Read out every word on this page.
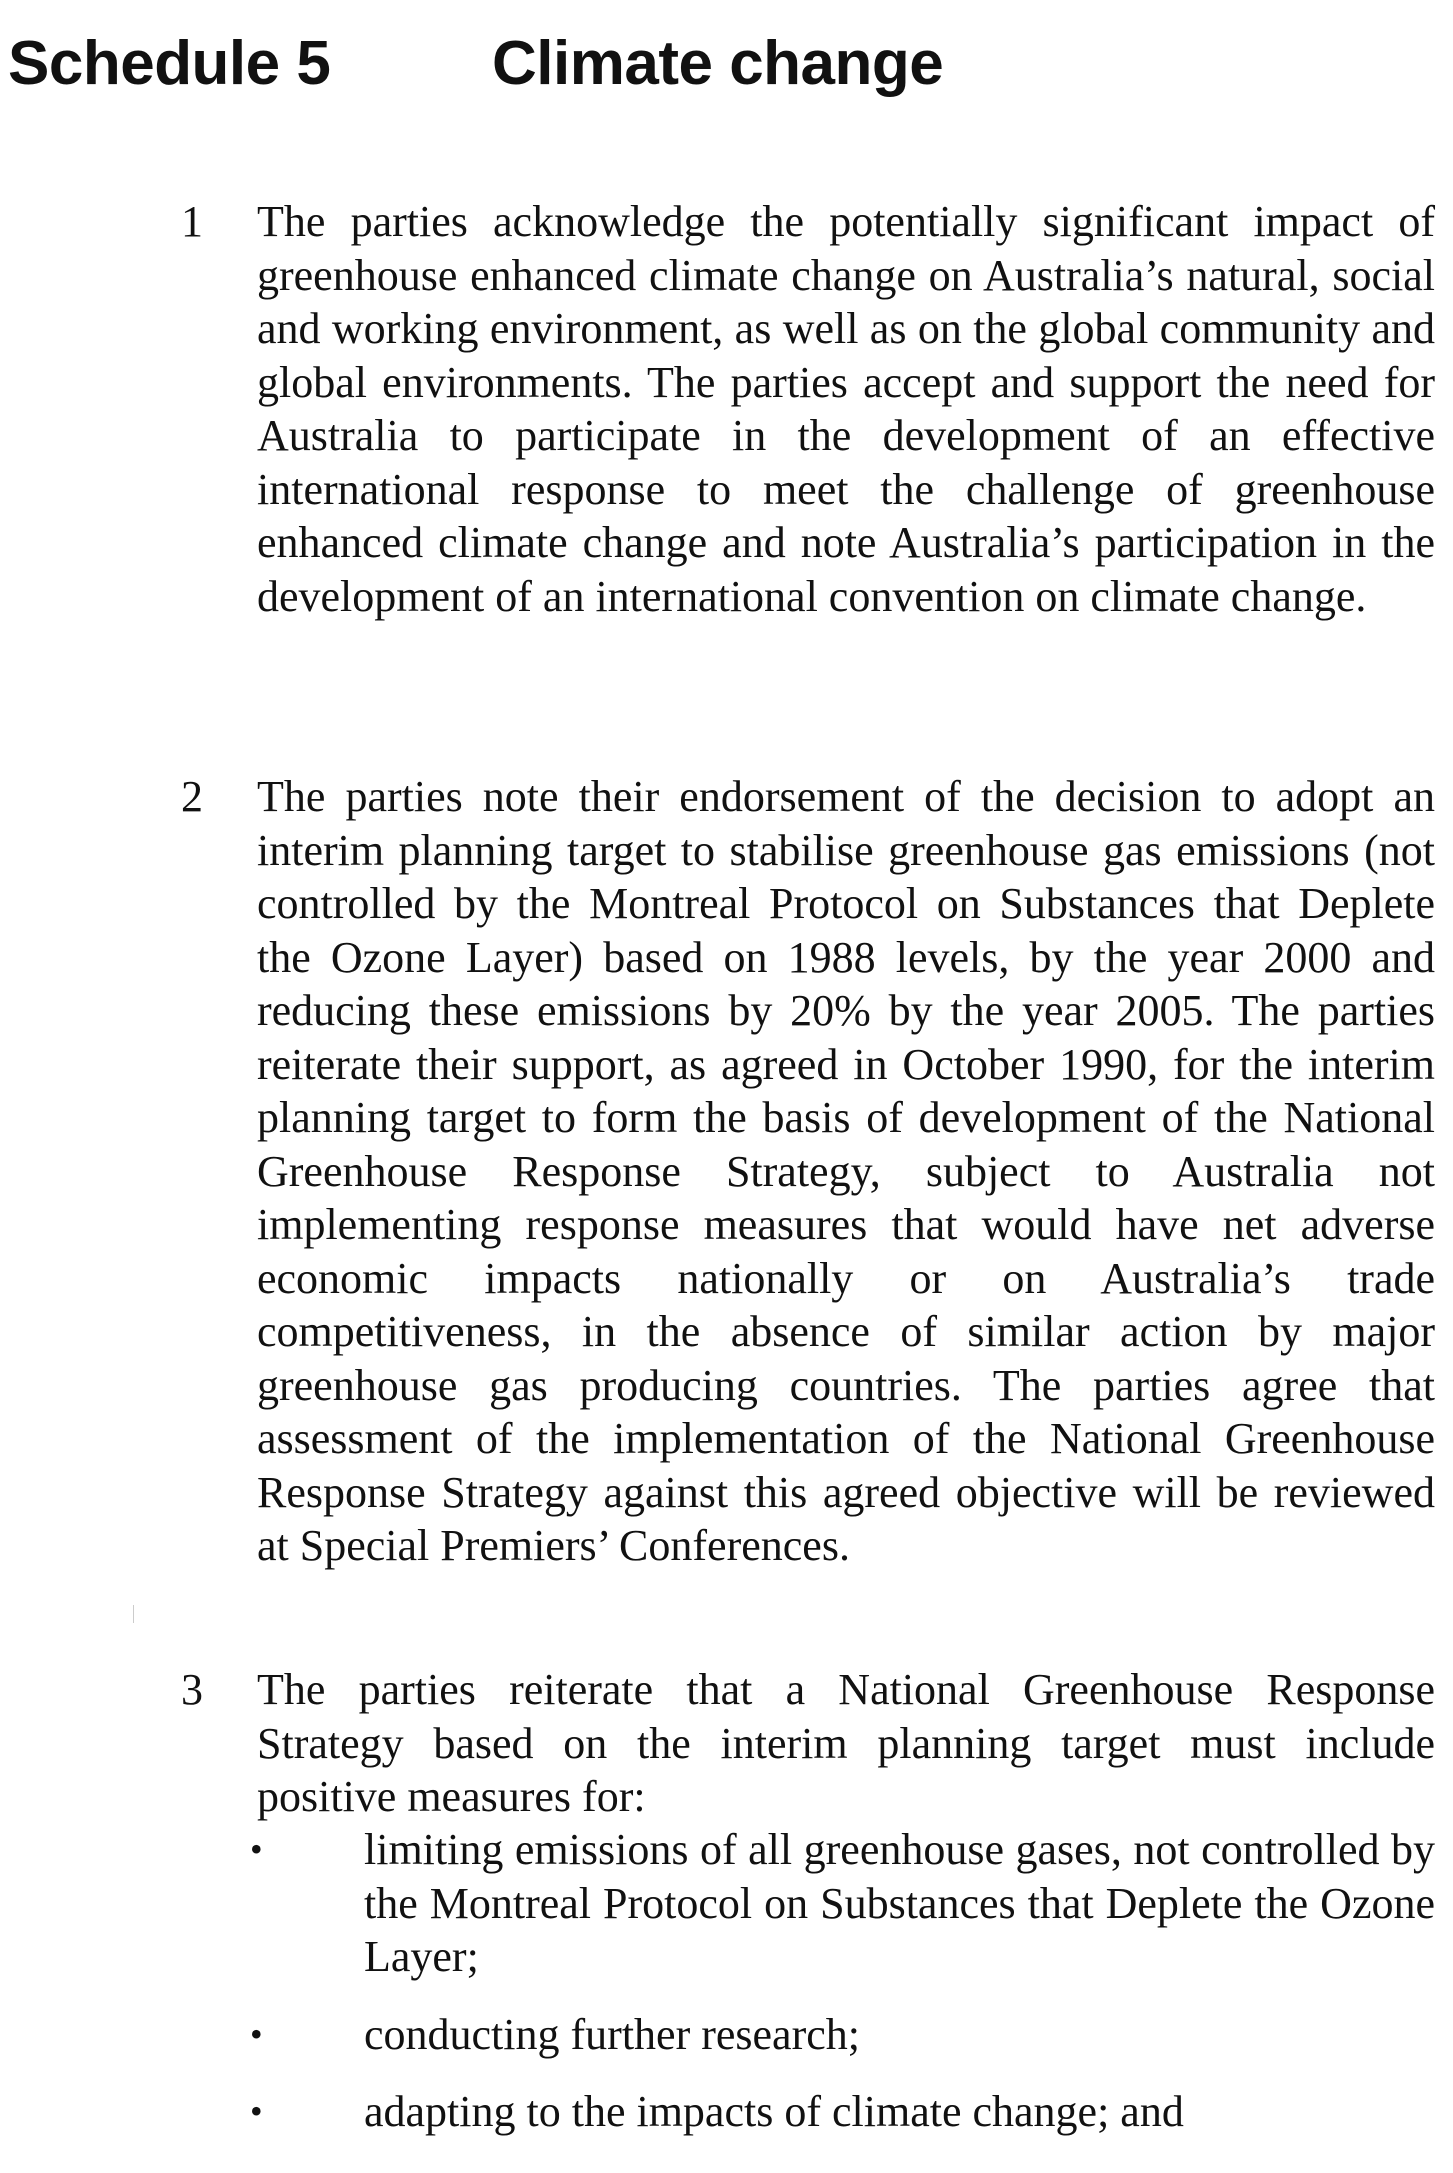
Schedule 5	Climate change
1 The parties acknowledge the potentially significant impact of greenhouse enhanced climate change on Australia’s natural, social and working environment, as well as on the global community and global environments. The parties accept and support the need for Australia to participate in the development of an effective international response to meet the challenge of greenhouse enhanced climate change and note Australia’s participation in the development of an international convention on climate change.
2 The parties note their endorsement of the decision to adopt an interim planning target to stabilise greenhouse gas emissions (not controlled by the Montreal Protocol on Substances that Deplete the Ozone Layer) based on 1988 levels, by the year 2000 and reducing these emissions by 20% by the year 2005. The parties reiterate their support, as agreed in October 1990, for the interim planning target to form the basis of development of the National Greenhouse Response Strategy, subject to Australia not implementing response measures that would have net adverse economic impacts nationally or on Australia’s trade competitiveness, in the absence of similar action by major greenhouse gas producing countries. The parties agree that assessment of the implementation of the National Greenhouse Response Strategy against this agreed objective will be reviewed at Special Premiers’ Conferences.
3 The parties reiterate that a National Greenhouse Response Strategy based on the interim planning target must include positive measures for:
• limiting emissions of all greenhouse gases, not controlled by the Montreal Protocol on Substances that Deplete the Ozone Layer;
• conducting further research;
• adapting to the impacts of climate change; and
